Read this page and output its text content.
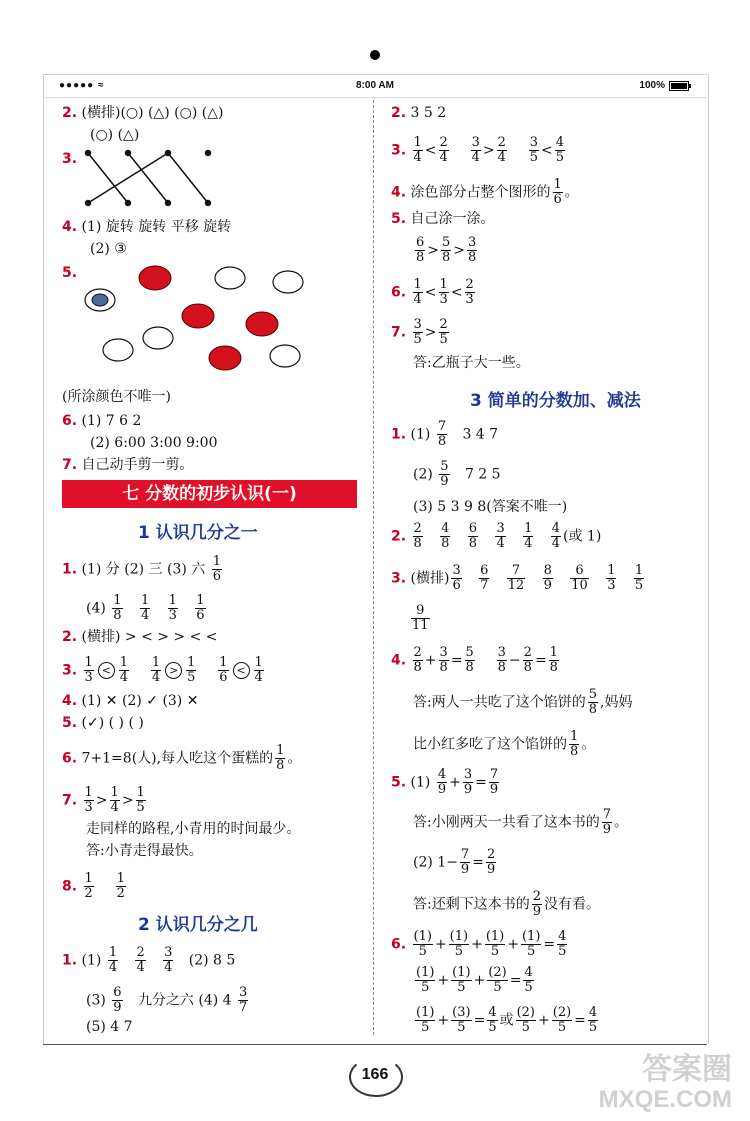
●●●●● ≈	8:00 AM	100%
2. (横排)(○) (△) (○) (△)
(○) (△)
3.
4. (1) 旋转 旋转 平移 旋转
(2) ③
5.
(所涂颜色不唯一)
6. (1) 7 6 2
(2) 6:00 3:00 9:00
7. 自己动手剪一剪。
七 分数的初步认识(一)
1 认识几分之一
1. (1) 分 (2) 三 (3) 六 $\frac{1}{6}$
$(4) \frac{1}{8}$
$\frac{1}{4}$
$\frac{1}{3}$
$\frac{1}{6}$
2. (横排) > < > > < <
3. $\frac{1}{3} < \frac{1}{4}$
$\frac{1}{4} > \frac{1}{5}$
$\frac{1}{6} < \frac{1}{4}$
4. (1) ✕ (2) ✓ (3) ✕
5. (✓) ( ) ( )
6. 7+1=8(人),每人吃这个蛋糕的 $\frac{1}{8}$ 。
7. $\frac{1}{3} > \frac{1}{4} > \frac{1}{5}$
走同样的路程,小青用的时间最少。
答:小青走得最快。
8. $\frac{1}{2}$
$\frac{1}{2}$
2 认识几分之几
1. $(1) \frac{1}{4}$
$\frac{2}{4}$
$\frac{3}{4} (2)$ 8 5
$(3) \frac{6}{9}$ 九分之六 (4) $4 \frac{3}{7}$
(5) 4 7
2. 3 5 2
3. $\frac{1}{4} < \frac{2}{4}$
$\frac{3}{4} > \frac{2}{4}$
$\frac{3}{5} < \frac{4}{5}$
4. 涂色部分占整个图形的 $\frac{1}{6}$ 。
5. 自己涂一涂。
$\frac{6}{8} > \frac{5}{8} > \frac{3}{8}$
6. $\frac{1}{4} < \frac{1}{3} < \frac{2}{3}$
7. $\frac{3}{5} > \frac{2}{5}$
答:乙瓶子大一些。
3 简单的分数加、减法
1. $(1) \frac{7}{8} 3$ 4 7
$(2) \frac{5}{9} 7$ 2 5
(3) 5 3 9 8(答案不唯一)
2. $\frac{2}{8}$
$\frac{4}{8}$
$\frac{6}{8}$
$\frac{3}{4}$
$\frac{1}{4}$
$\frac{4}{4}$ (或 1)
3. (横排) $\frac{3}{6}$
$\frac{6}{7}$
$\frac{7}{12}$
$\frac{8}{9}$
$\frac{6}{10}$
$\frac{1}{3}$
$\frac{1}{5}$
$\frac{9}{11}$
4. $\frac{2}{8} + \frac{3}{8} = \frac{5}{8}$
$\frac{3}{8} - \frac{2}{8} = \frac{1}{8}$
答:两人一共吃了这个馅饼的 $\frac{5}{8}$ ,妈妈
比小红多吃了这个馅饼的 $\frac{1}{8}$ 。
5. $(1) \frac{4}{9} + \frac{3}{9} = \frac{7}{9}$
答:小刚两天一共看了这本书的 $\frac{7}{9}$ 。
(2) $1- \frac{7}{9} = \frac{2}{9}$
答:还剩下这本书的 $\frac{2}{9}$ 没有看。
6. $\frac{(1)}{5} + \frac{(1)}{5} + \frac{(1)}{5} + \frac{(1)}{5} = \frac{4}{5}$
$\frac{(1)}{5} + \frac{(1)}{5} + \frac{(2)}{5} = \frac{4}{5}$
$\frac{(1)}{5} + \frac{(3)}{5} = \frac{4}{5}$ 或 $\frac{(2)}{5} + \frac{(2)}{5} = \frac{4}{5}$
166	答案圈
MXQE.COM
